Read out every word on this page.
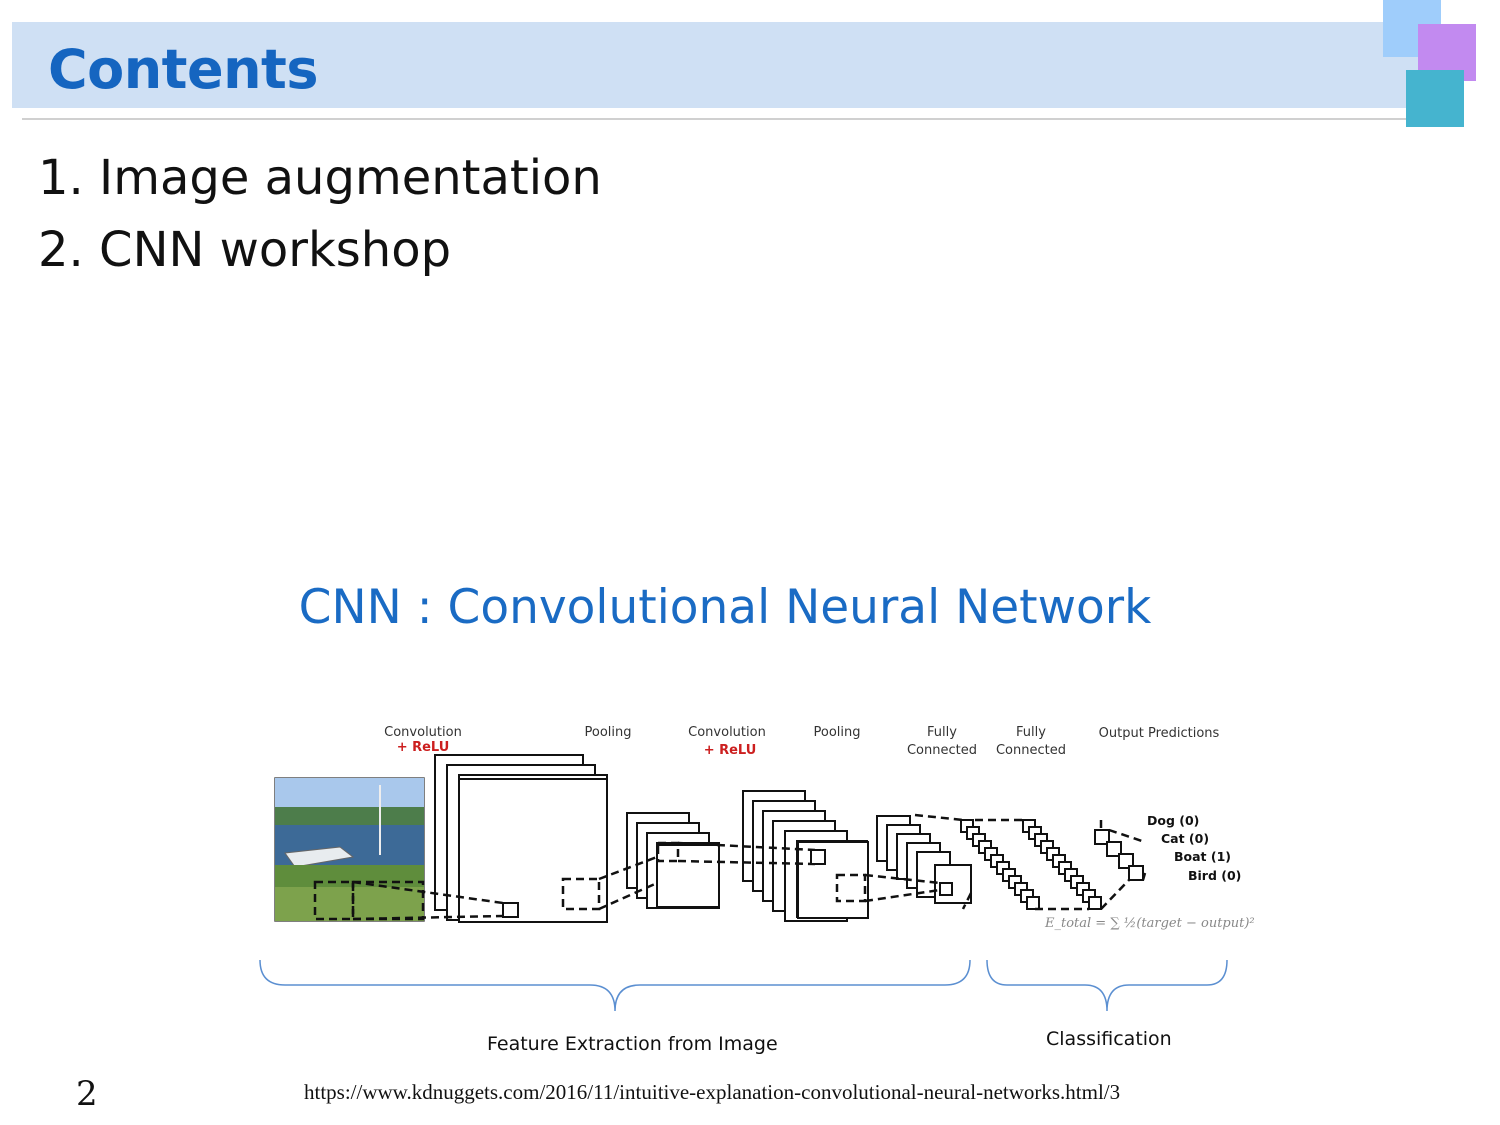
Contents
1. Image augmentation
2. CNN workshop
CNN : Convolutional Neural Network
Convolution
+ ReLU
Pooling	Convolution
+ ReLU
Pooling	Fully
Connected
Fully
Connected
Output Predictions
Dog (0)
Cat (0)
Boat (1)
Bird (0)
E_total = ∑ ½(target − output)²
Feature Extraction from Image	Classification
2	https://www.kdnuggets.com/2016/11/intuitive-explanation-convolutional-neural-networks.html/3
